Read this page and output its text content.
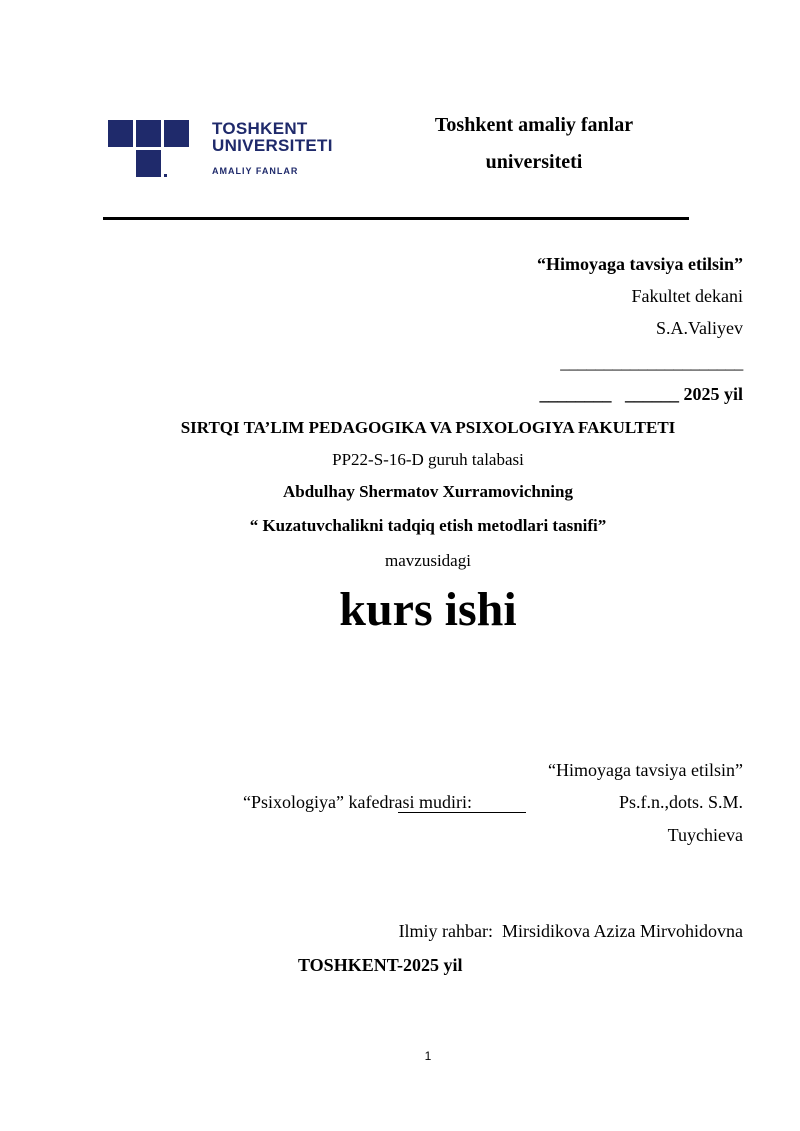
TOSHKENT
UNIVERSITETI
AMALIY FANLAR
Toshkent amaliy fanlar
universiteti
“Himoyaga tavsiya etilsin”
Fakultet dekani
S.A.Valiyev
_____________________
________   ______ 2025 yil
SIRTQI TA’LIM PEDAGOGIKA VA PSIXOLOGIYA FAKULTETI
PP22-S-16-D guruh talabasi
Abdulhay Shermatov Xurramovichning
“ Kuzatuvchalikni tadqiq etish metodlari tasnifi”
mavzusidagi
kurs ishi
“Himoyaga tavsiya etilsin”
“Psixologiya” kafedrasi mudiri:	Ps.f.n.,dots. S.M.
Tuychieva
Ilmiy rahbar:  Mirsidikova Aziza Mirvohidovna
TOSHKENT-2025 yil
1
